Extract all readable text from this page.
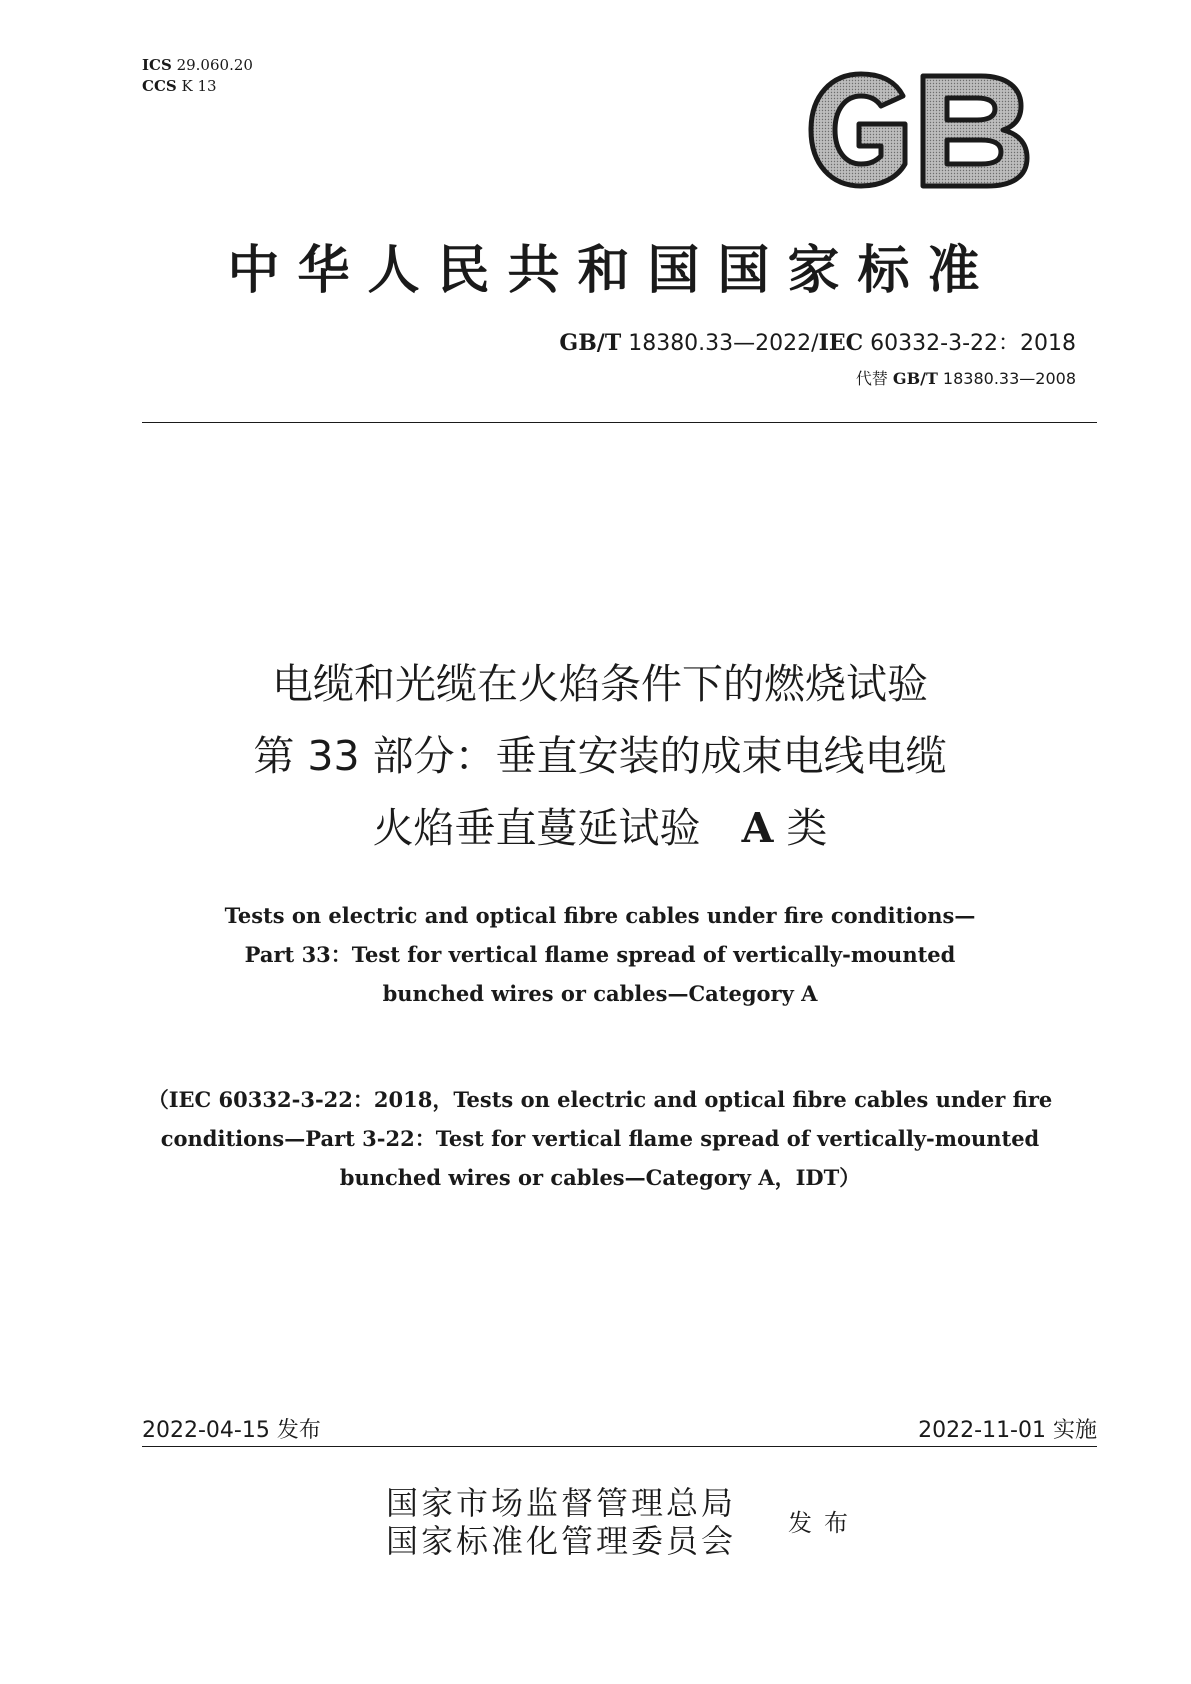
ICS 29.060.20
CCS K 13
中华人民共和国国家标准
GB/T 18380.33—2022/IEC 60332-3-22：2018
代替 GB/T 18380.33—2008
电缆和光缆在火焰条件下的燃烧试验
第 33 部分：垂直安装的成束电线电缆
火焰垂直蔓延试验　A 类
Tests on electric and optical fibre cables under fire conditions—
Part 33：Test for vertical flame spread of vertically-mounted
bunched wires or cables—Category A
（IEC 60332-3-22：2018，Tests on electric and optical fibre cables under fire
conditions—Part 3-22：Test for vertical flame spread of vertically-mounted
bunched wires or cables—Category A，IDT）
2022-04-15 发布	2022-11-01 实施
国家市场监督管理总局
国家标准化管理委员会 发布
